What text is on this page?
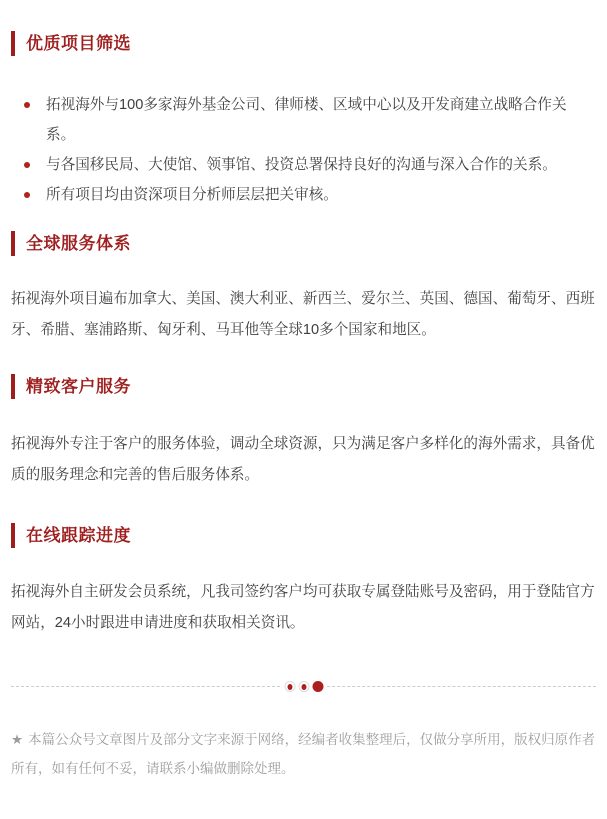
优质项目筛选
拓视海外与100多家海外基金公司、律师楼、区域中心以及开发商建立战略合作关系。
与各国移民局、大使馆、领事馆、投资总署保持良好的沟通与深入合作的关系。
所有项目均由资深项目分析师层层把关审核。
全球服务体系

拓视海外项目遍布加拿大、美国、澳大利亚、新西兰、爱尔兰、英国、德国、葡萄牙、西班牙、希腊、塞浦路斯、匈牙利、马耳他等全球10多个国家和地区。

精致客户服务

拓视海外专注于客户的服务体验，调动全球资源，只为满足客户多样化的海外需求，具备优质的服务理念和完善的售后服务体系。

在线跟踪进度

拓视海外自主研发会员系统，凡我司签约客户均可获取专属登陆账号及密码，用于登陆官方网站，24小时跟进申请进度和获取相关资讯。

★ 本篇公众号文章图片及部分文字来源于网络，经编者收集整理后，仅做分享所用，版权归原作者所有，如有任何不妥，请联系小编做删除处理。
